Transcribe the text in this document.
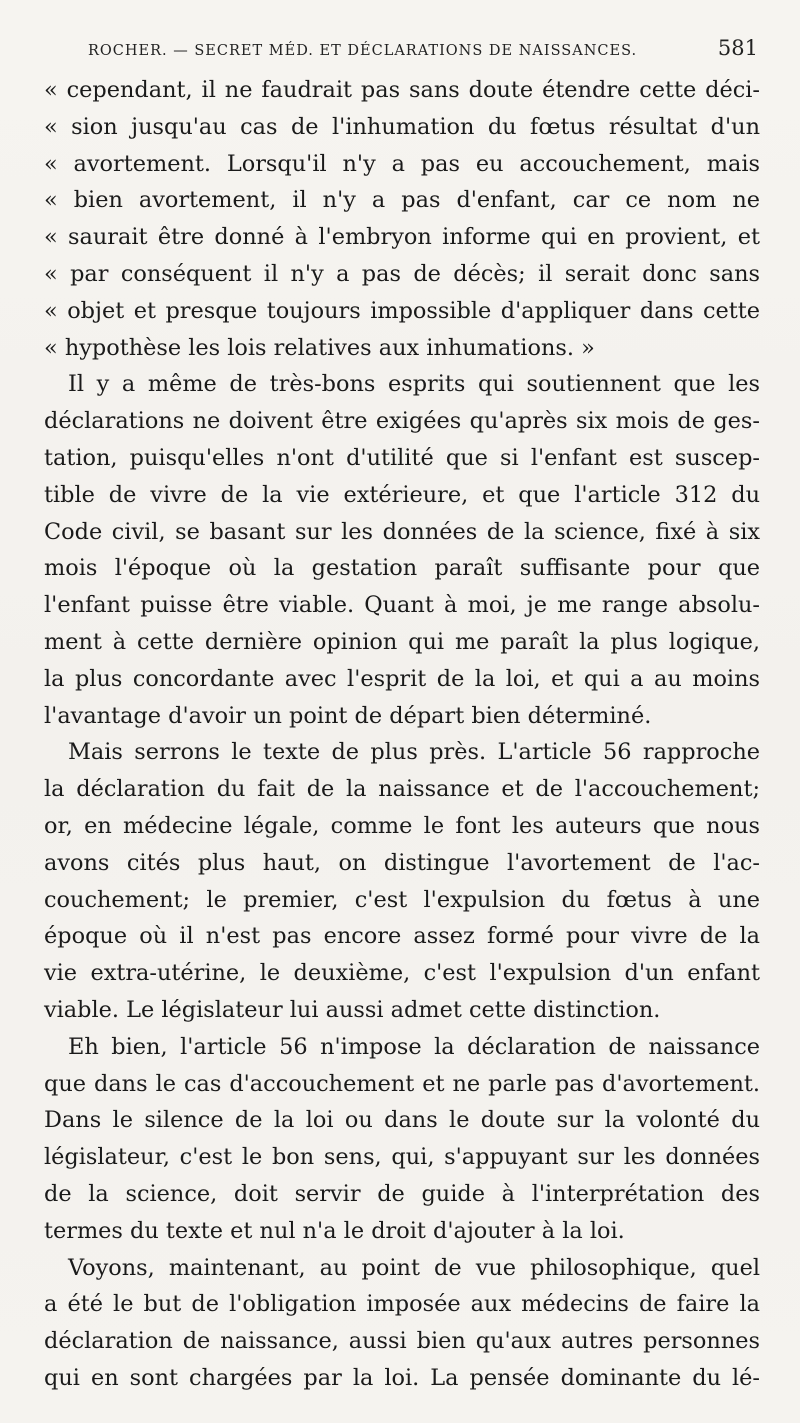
ROCHER. — SECRET MÉD. ET DÉCLARATIONS DE NAISSANCES.	581
« cependant, il ne faudrait pas sans doute étendre cette déci-
« sion jusqu'au cas de l'inhumation du fœtus résultat d'un
« avortement. Lorsqu'il n'y a pas eu accouchement, mais
« bien avortement, il n'y a pas d'enfant, car ce nom ne
« saurait être donné à l'embryon informe qui en provient, et
« par conséquent il n'y a pas de décès; il serait donc sans
« objet et presque toujours impossible d'appliquer dans cette
« hypothèse les lois relatives aux inhumations. »
Il y a même de très-bons esprits qui soutiennent que les
déclarations ne doivent être exigées qu'après six mois de ges-
tation, puisqu'elles n'ont d'utilité que si l'enfant est suscep-
tible de vivre de la vie extérieure, et que l'article 312 du
Code civil, se basant sur les données de la science, fixé à six
mois l'époque où la gestation paraît suffisante pour que
l'enfant puisse être viable. Quant à moi, je me range absolu-
ment à cette dernière opinion qui me paraît la plus logique,
la plus concordante avec l'esprit de la loi, et qui a au moins
l'avantage d'avoir un point de départ bien déterminé.
Mais serrons le texte de plus près. L'article 56 rapproche
la déclaration du fait de la naissance et de l'accouchement;
or, en médecine légale, comme le font les auteurs que nous
avons cités plus haut, on distingue l'avortement de l'ac-
couchement; le premier, c'est l'expulsion du fœtus à une
époque où il n'est pas encore assez formé pour vivre de la
vie extra-utérine, le deuxième, c'est l'expulsion d'un enfant
viable. Le législateur lui aussi admet cette distinction.
Eh bien, l'article 56 n'impose la déclaration de naissance
que dans le cas d'accouchement et ne parle pas d'avortement.
Dans le silence de la loi ou dans le doute sur la volonté du
législateur, c'est le bon sens, qui, s'appuyant sur les données
de la science, doit servir de guide à l'interprétation des
termes du texte et nul n'a le droit d'ajouter à la loi.
Voyons, maintenant, au point de vue philosophique, quel
a été le but de l'obligation imposée aux médecins de faire la
déclaration de naissance, aussi bien qu'aux autres personnes
qui en sont chargées par la loi. La pensée dominante du lé-
